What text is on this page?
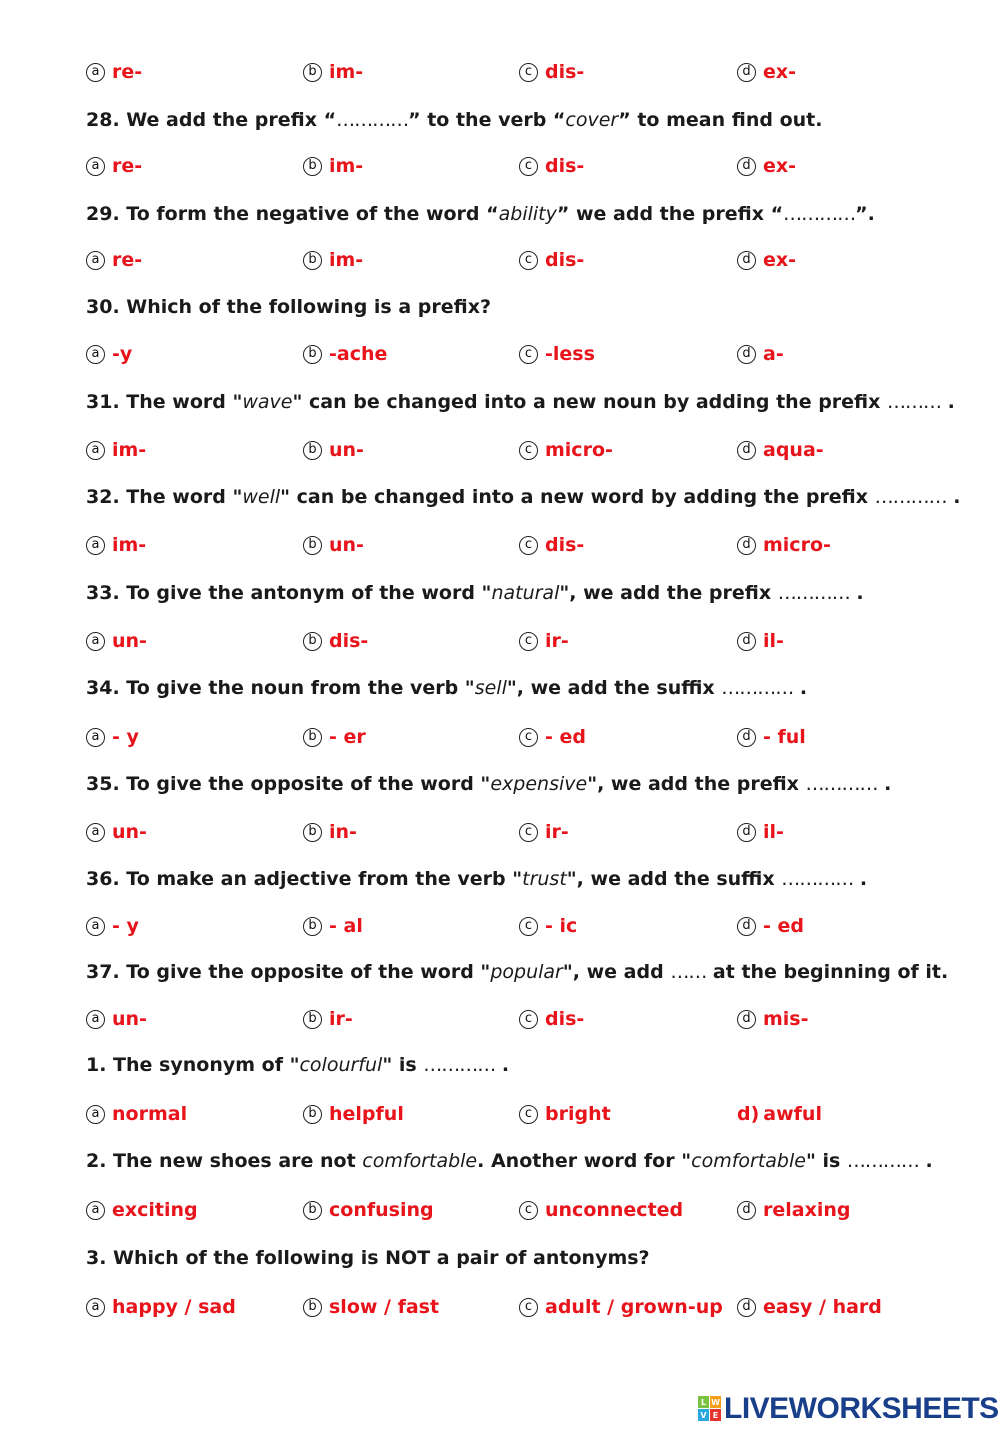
a re-	b im-	c dis-	d ex-
28. We add the prefix “…………” to the verb “cover” to mean find out.
a re-	b im-	c dis-	d ex-
29. To form the negative of the word “ability” we add the prefix “…………”.
a re-	b im-	c dis-	d ex-
30. Which of the following is a prefix?
a -y	b -ache	c -less	d a-
31. The word "wave" can be changed into a new noun by adding the prefix ……… .
a im-	b un-	c micro-	d aqua-
32. The word "well" can be changed into a new word by adding the prefix ………… .
a im-	b un-	c dis-	d micro-
33. To give the antonym of the word "natural", we add the prefix ………… .
a un-	b dis-	c ir-	d il-
34. To give the noun from the verb "sell", we add the suffix ………… .
a - y	b - er	c - ed	d - ful
35. To give the opposite of the word "expensive", we add the prefix ………… .
a un-	b in-	c ir-	d il-
36. To make an adjective from the verb "trust", we add the suffix ………… .
a - y	b - al	c - ic	d - ed
37. To give the opposite of the word "popular", we add …… at the beginning of it.
a un-	b ir-	c dis-	d mis-
1. The synonym of "colourful" is ………… .
a normal	b helpful	c bright	d) awful
2. The new shoes are not comfortable. Another word for "comfortable" is ………… .
a exciting	b confusing	c unconnected	d relaxing
3. Which of the following is NOT a pair of antonyms?
a happy / sad	b slow / fast	c adult / grown-up	d easy / hard
L W
V E LIVEWORKSHEETS
